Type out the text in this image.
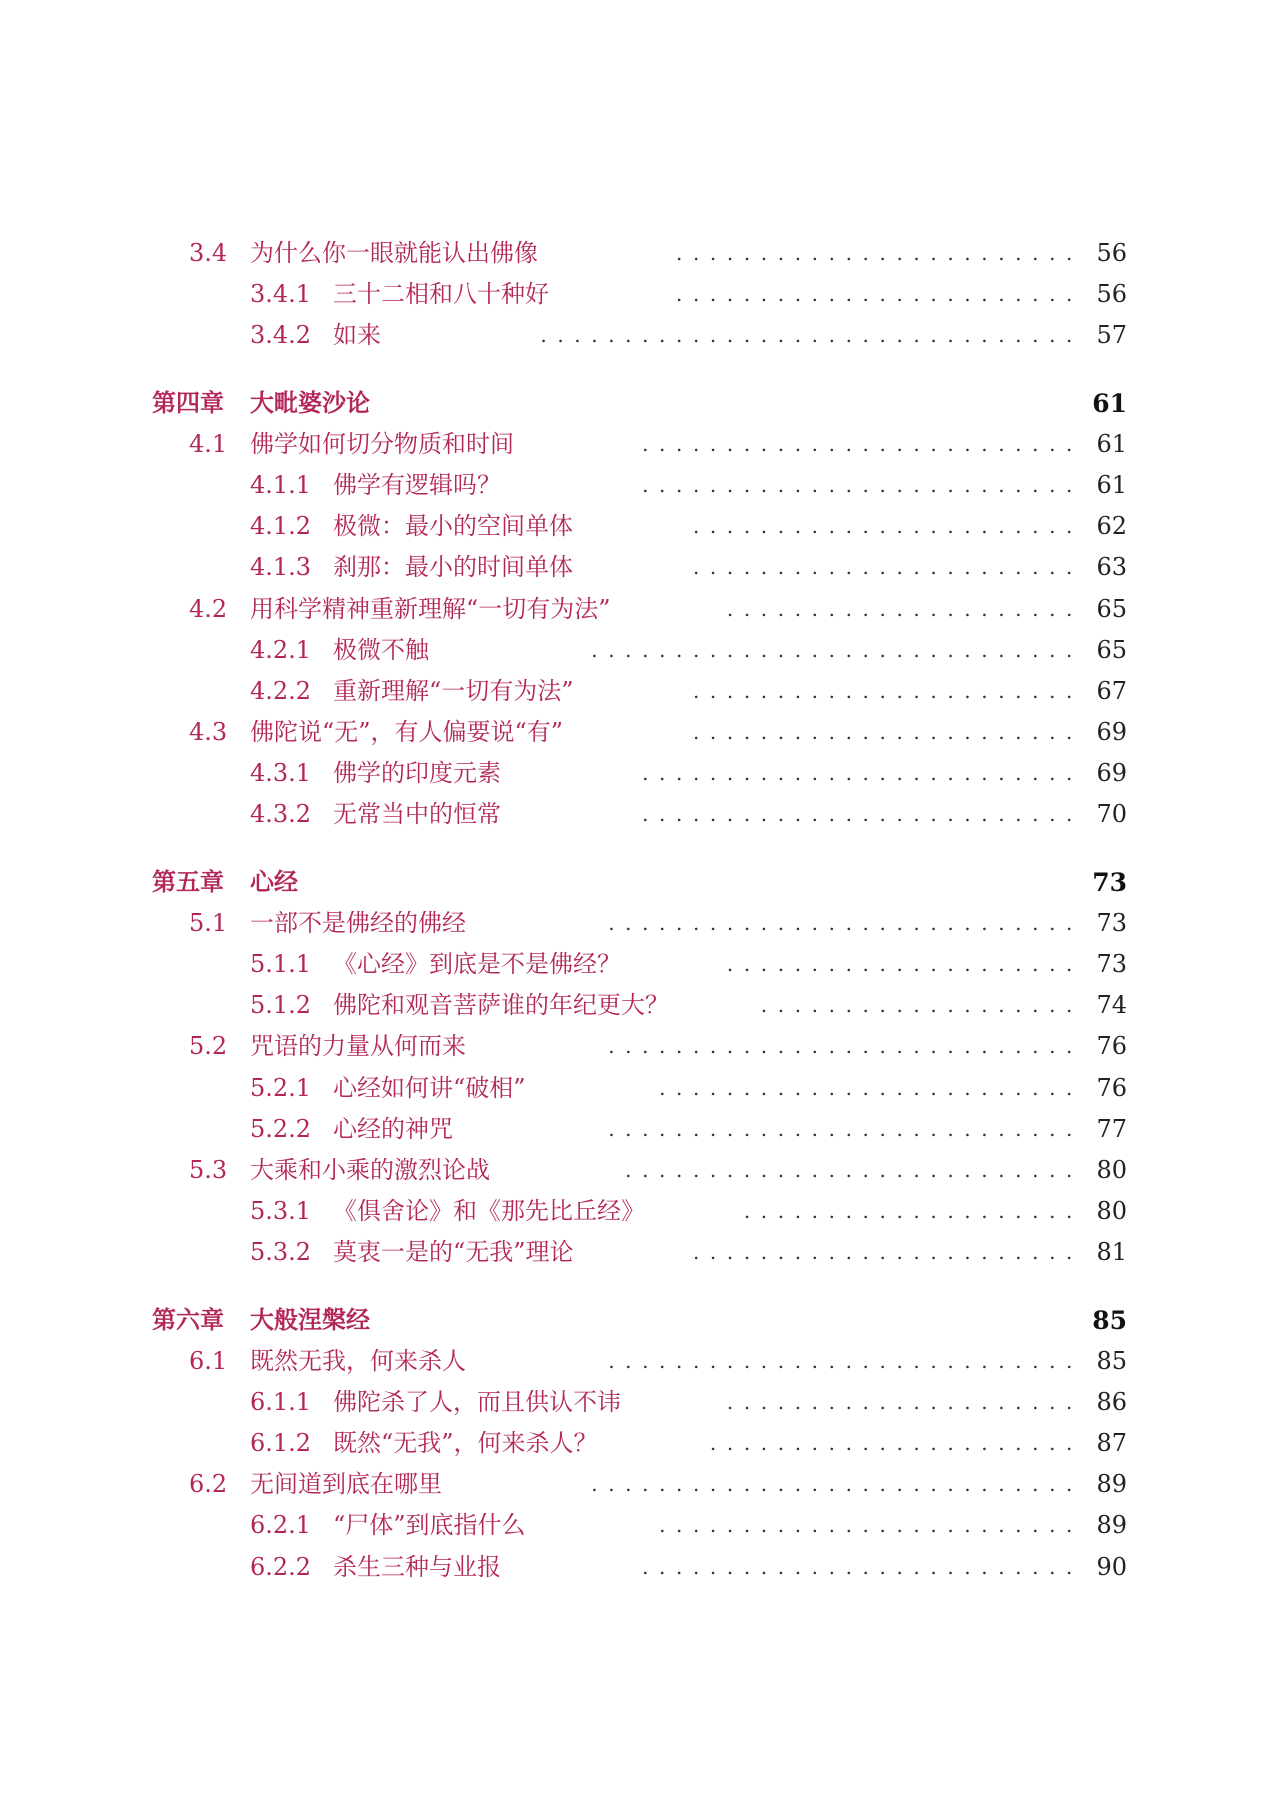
3.4 为什么你一眼就能认出佛像	........................ 56
3.4.1 三十二相和八十种好	........................ 56
3.4.2 如来	................................ 57
第四章 大毗婆沙论	61
4.1 佛学如何切分物质和时间	.......................... 61
4.1.1 佛学有逻辑吗？	.......................... 61
4.1.2 极微：最小的空间单体	....................... 62
4.1.3 刹那：最小的时间单体	....................... 63
4.2 用科学精神重新理解“一切有为法”	..................... 65
4.2.1 极微不触	............................. 65
4.2.2 重新理解“一切有为法”	....................... 67
4.3 佛陀说“无”，有人偏要说“有”	....................... 69
4.3.1 佛学的印度元素	.......................... 69
4.3.2 无常当中的恒常	.......................... 70
第五章 心经	73
5.1 一部不是佛经的佛经	............................ 73
5.1.1 《心经》到底是不是佛经？	..................... 73
5.1.2 佛陀和观音菩萨谁的年纪更大？	................... 74
5.2 咒语的力量从何而来	............................ 76
5.2.1 心经如何讲“破相”	......................... 76
5.2.2 心经的神咒	............................ 77
5.3 大乘和小乘的激烈论战	........................... 80
5.3.1 《俱舍论》和《那先比丘经》	.................... 80
5.3.2 莫衷一是的“无我”理论	....................... 81
第六章 大般涅槃经	85
6.1 既然无我，何来杀人	............................ 85
6.1.1 佛陀杀了人，而且供认不讳	..................... 86
6.1.2 既然“无我”，何来杀人？	...................... 87
6.2 无间道到底在哪里	............................. 89
6.2.1 “尸体”到底指什么	......................... 89
6.2.2 杀生三种与业报	.......................... 90
